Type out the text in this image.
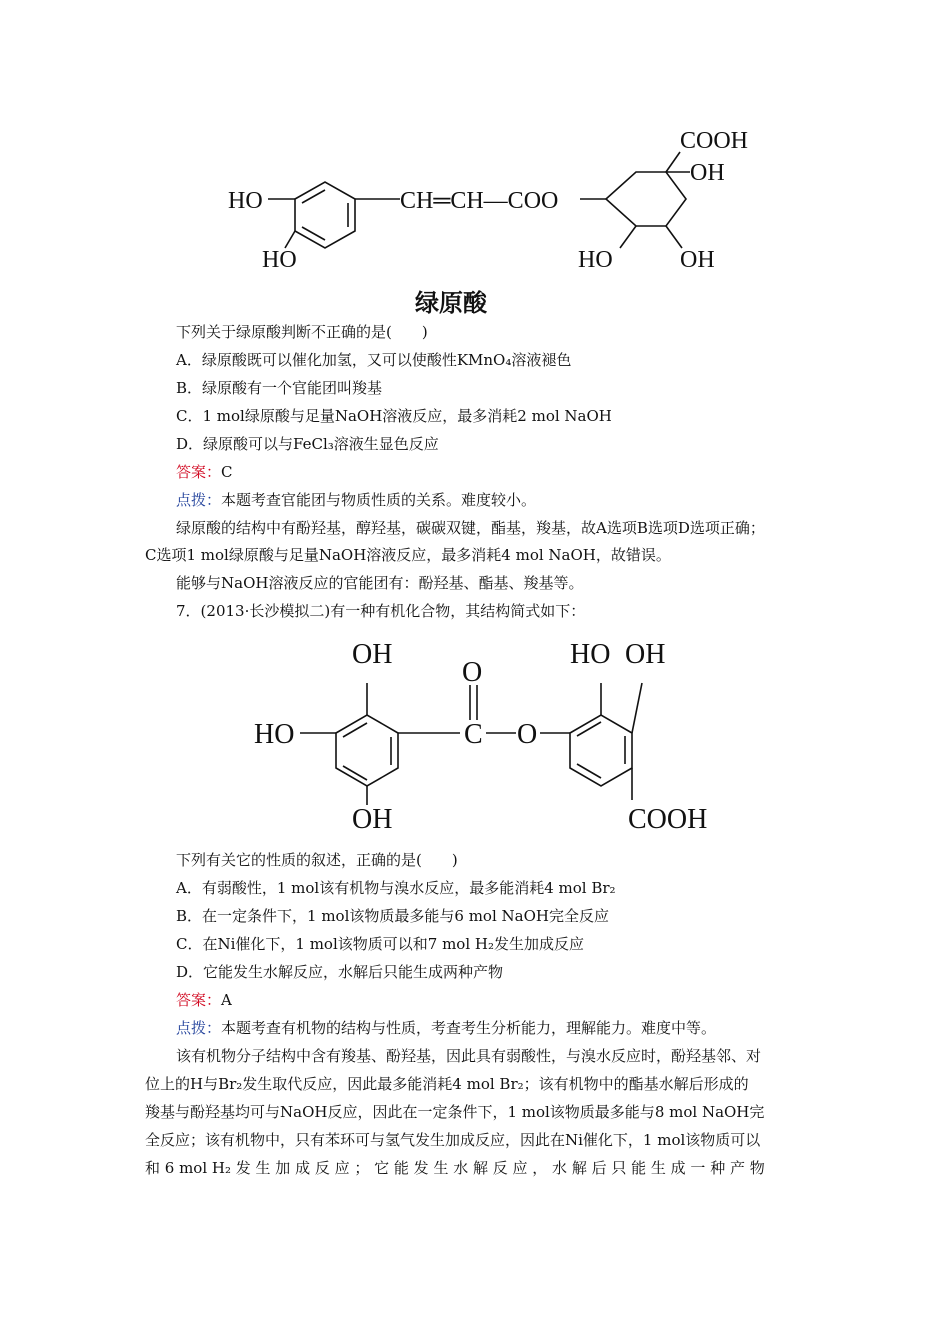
HO
HO
CH═CH—COO
COOH
OH
HO	OH
绿原酸
下列关于绿原酸判断不正确的是(　　)
A．绿原酸既可以催化加氢，又可以使酸性KMnO₄溶液褪色
B．绿原酸有一个官能团叫羧基
C．1 mol绿原酸与足量NaOH溶液反应，最多消耗2 mol NaOH
D．绿原酸可以与FeCl₃溶液生显色反应
答案：C
点拨：本题考查官能团与物质性质的关系。难度较小。
绿原酸的结构中有酚羟基，醇羟基，碳碳双键，酯基，羧基，故A选项B选项D选项正确；
C选项1 mol绿原酸与足量NaOH溶液反应，最多消耗4 mol NaOH，故错误。
能够与NaOH溶液反应的官能团有：酚羟基、酯基、羧基等。
7．(2013·长沙模拟二)有一种有机化合物，其结构简式如下：
OH
HO
OH
O
C O
HO OH
COOH
下列有关它的性质的叙述，正确的是(　　)
A．有弱酸性，1 mol该有机物与溴水反应，最多能消耗4 mol Br₂
B．在一定条件下，1 mol该物质最多能与6 mol NaOH完全反应
C．在Ni催化下，1 mol该物质可以和7 mol H₂发生加成反应
D．它能发生水解反应，水解后只能生成两种产物
答案：A
点拨：本题考查有机物的结构与性质，考查考生分析能力，理解能力。难度中等。
该有机物分子结构中含有羧基、酚羟基，因此具有弱酸性，与溴水反应时，酚羟基邻、对
位上的H与Br₂发生取代反应，因此最多能消耗4 mol Br₂；该有机物中的酯基水解后形成的
羧基与酚羟基均可与NaOH反应，因此在一定条件下，1 mol该物质最多能与8 mol NaOH完
全反应；该有机物中，只有苯环可与氢气发生加成反应，因此在Ni催化下，1 mol该物质可以
和 6 mol H₂ 发 生 加 成 反 应 ； 它 能 发 生 水 解 反 应 ， 水 解 后 只 能 生 成 一 种 产 物
